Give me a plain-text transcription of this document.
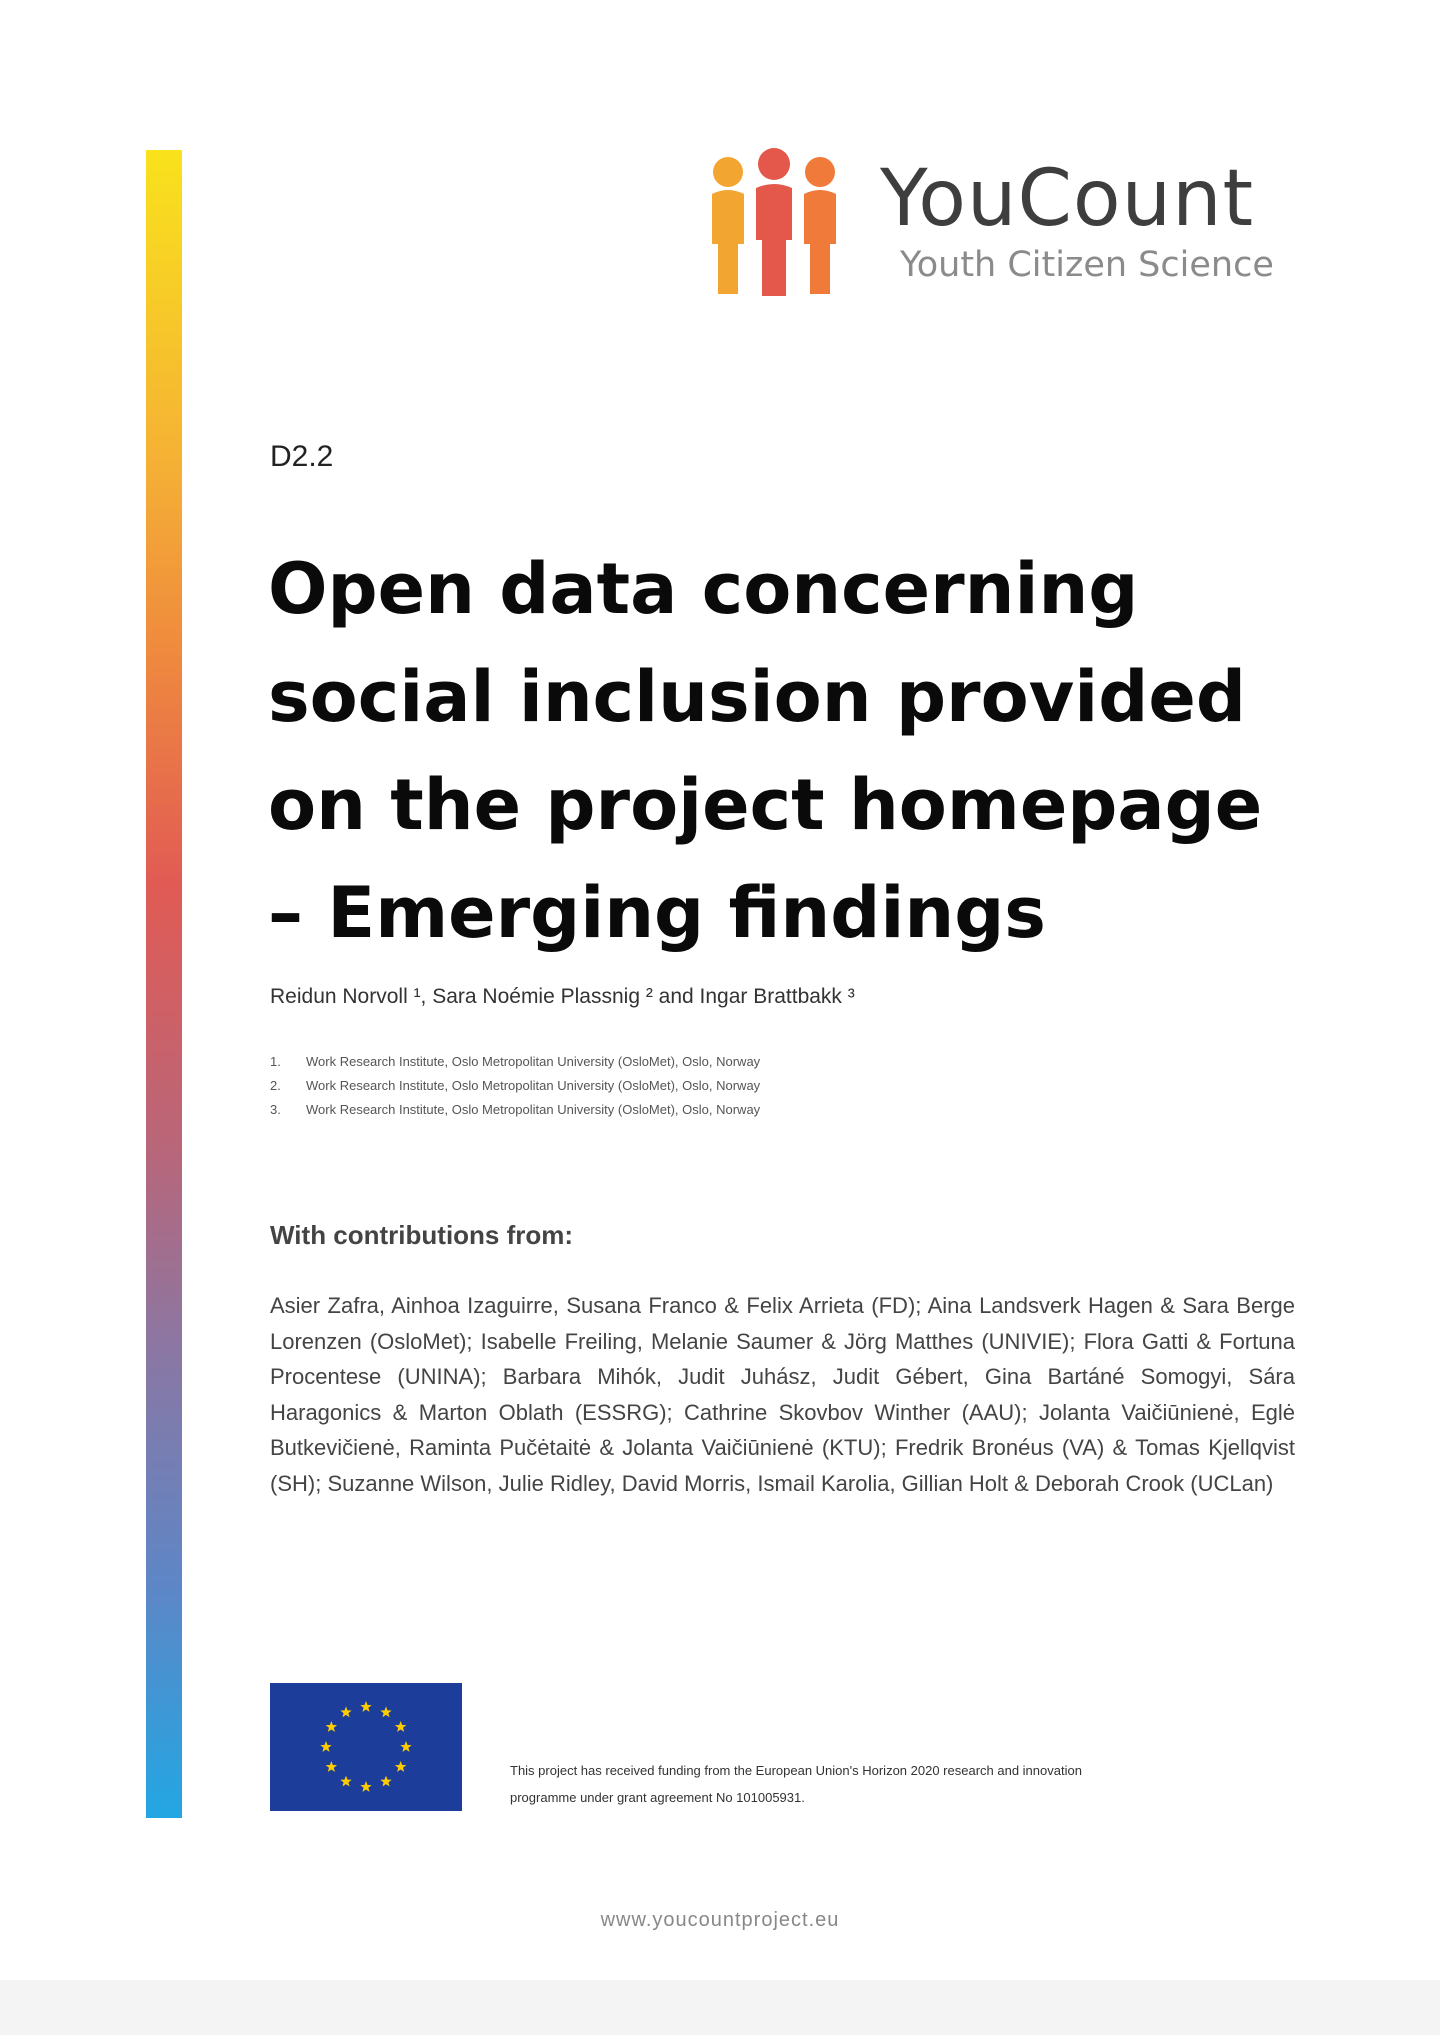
YouCount
Youth Citizen Science
D2.2
Open data concerning social inclusion provided on the project homepage – Emerging findings
Reidun Norvoll ¹, Sara Noémie Plassnig ² and Ingar Brattbakk ³
1. Work Research Institute, Oslo Metropolitan University (OsloMet), Oslo, Norway
2. Work Research Institute, Oslo Metropolitan University (OsloMet), Oslo, Norway
3. Work Research Institute, Oslo Metropolitan University (OsloMet), Oslo, Norway
With contributions from:

Asier Zafra, Ainhoa Izaguirre, Susana Franco & Felix Arrieta (FD); Aina Landsverk Hagen & Sara Berge Lorenzen (OsloMet); Isabelle Freiling, Melanie Saumer & Jörg Matthes (UNIVIE); Flora Gatti & Fortuna Procentese (UNINA); Barbara Mihók, Judit Juhász, Judit Gébert, Gina Bartáné Somogyi, Sára Haragonics & Marton Oblath (ESSRG); Cathrine Skovbov Winther (AAU); Jolanta Vaičiūnienė, Eglė Butkevičienė, Raminta Pučėtaitė & Jolanta Vaičiūnienė (KTU); Fredrik Bronéus (VA) & Tomas Kjellqvist (SH); Suzanne Wilson, Julie Ridley, David Morris, Ismail Karolia, Gillian Holt & Deborah Crook (UCLan)

This project has received funding from the European Union's Horizon 2020 research and innovation programme under grant agreement No 101005931.

www.youcountproject.eu
